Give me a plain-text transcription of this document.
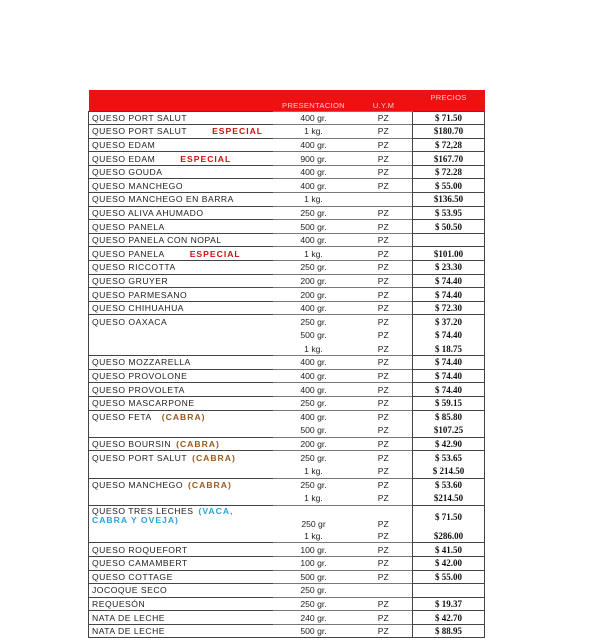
	PRESENTACION	U.Y.M	PRECIOS
QUESO PORT SALUT	400 gr.	PZ	$ 71.50
QUESO PORT SALUT ESPECIAL	1 kg.	PZ	$180.70
QUESO EDAM	400 gr.	PZ	$ 72,28
QUESO EDAM ESPECIAL	900 gr.	PZ	$167.70
QUESO GOUDA	400 gr.	PZ	$ 72.28
QUESO MANCHEGO	400 gr.	PZ	$ 55.00
QUESO MANCHEGO EN BARRA	1 kg.		$136.50
QUESO ALIVA AHUMADO	250 gr.	PZ	$ 53.95
QUESO PANELA	500 gr.	PZ	$ 50.50
QUESO PANELA CON NOPAL	400 gr.	PZ	
QUESO PANELA ESPECIAL	1 kg.	PZ	$101.00
QUESO RICCOTTA	250 gr.	PZ	$ 23.30
QUESO GRUYER	200 gr.	PZ	$ 74.40
QUESO PARMESANO	200 gr.	PZ	$ 74.40
QUESO CHIHUAHUA	400 gr.	PZ	$ 72.30
QUESO OAXACA	250 gr.	PZ	$ 37.20
	500 gr.	PZ	$ 74.40
	1 kg.	PZ	$ 18.75
QUESO MOZZARELLA	400 gr.	PZ	$ 74.40
QUESO PROVOLONE	400 gr.	PZ	$ 74.40
QUESO PROVOLETA	400 gr.	PZ	$ 74.40
QUESO MASCARPONE	250 gr.	PZ	$ 59.15
QUESO FETA (CABRA)	400 gr.	PZ	$ 85.80
	500 gr.	PZ	$107.25
QUESO BOURSIN (CABRA)	200 gr.	PZ	$ 42.90
QUESO PORT SALUT (CABRA)	250 gr.	PZ	$ 53.65
	1 kg.	PZ	$ 214.50
QUESO MANCHEGO (CABRA)	250 gr.	PZ	$ 53.60
	1 kg.	PZ	$214.50
QUESO TRES LECHES (VACA, CABRA Y OVEJA)	250 gr	PZ	$ 71.50
	1 kg.	PZ	$286.00
QUESO ROQUEFORT	100 gr.	PZ	$ 41.50
QUESO CAMAMBERT	100 gr.	PZ	$ 42.00
QUESO COTTAGE	500 gr.	PZ	$ 55.00
JOCOQUE SECO	250 gr.		
REQUESÓN	250 gr.	PZ	$ 19.37
NATA DE LECHE	240 gr.	PZ	$ 42.70
NATA DE LECHE	500 gr.	PZ	$ 88.95
